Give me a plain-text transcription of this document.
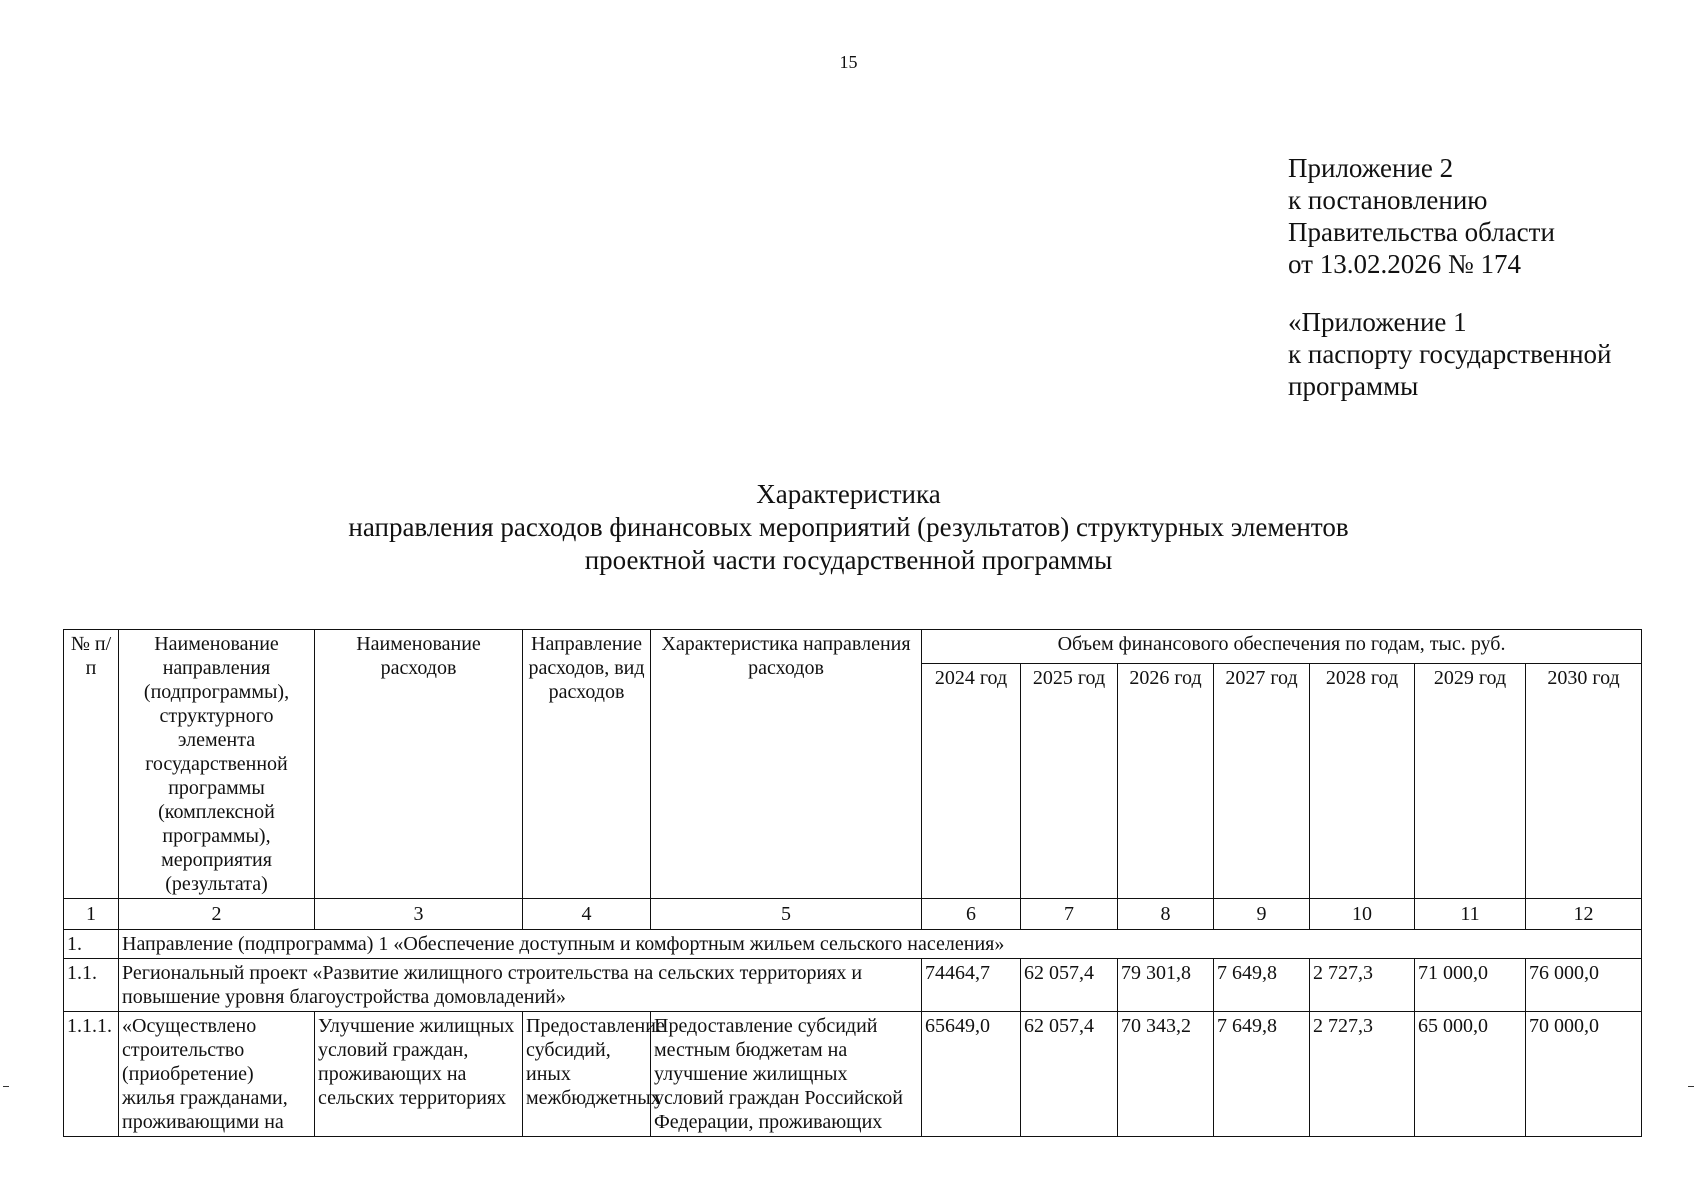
15
Приложение 2
к постановлению
Правительства области
от 13.02.2026 № 174
«Приложение 1
к паспорту государственной
программы
Характеристика
направления расходов финансовых мероприятий (результатов) структурных элементов
проектной части государственной программы
№ п/п	Наименование направления (подпрограммы), структурного элемента государственной программы (комплексной программы), мероприятия (результата)	Наименование расходов	Направление расходов, вид расходов	Характеристика направления расходов	Объем финансового обеспечения по годам, тыс. руб.						
					2024 год	2025 год	2026 год	2027 год	2028 год	2029 год	2030 год
1	2	3	4	5	6	7	8	9	10	11	12
1.	Направление (подпрограмма) 1 «Обеспечение доступным и комфортным жильем сельского населения»										
1.1.	Региональный проект «Развитие жилищного строительства на сельских территориях и повышение уровня благоустройства домовладений»				74464,7	62 057,4	79 301,8	7 649,8	2 727,3	71 000,0	76 000,0
1.1.1.	«Осуществлено строительство (приобретение) жилья гражданами, проживающими на	Улучшение жилищных условий граждан, проживающих на сельских территориях	Предоставление субсидий, иных межбюджетных	Предоставление субсидий местным бюджетам на улучшение жилищных условий граждан Российской Федерации, проживающих	65649,0	62 057,4	70 343,2	7 649,8	2 727,3	65 000,0	70 000,0
